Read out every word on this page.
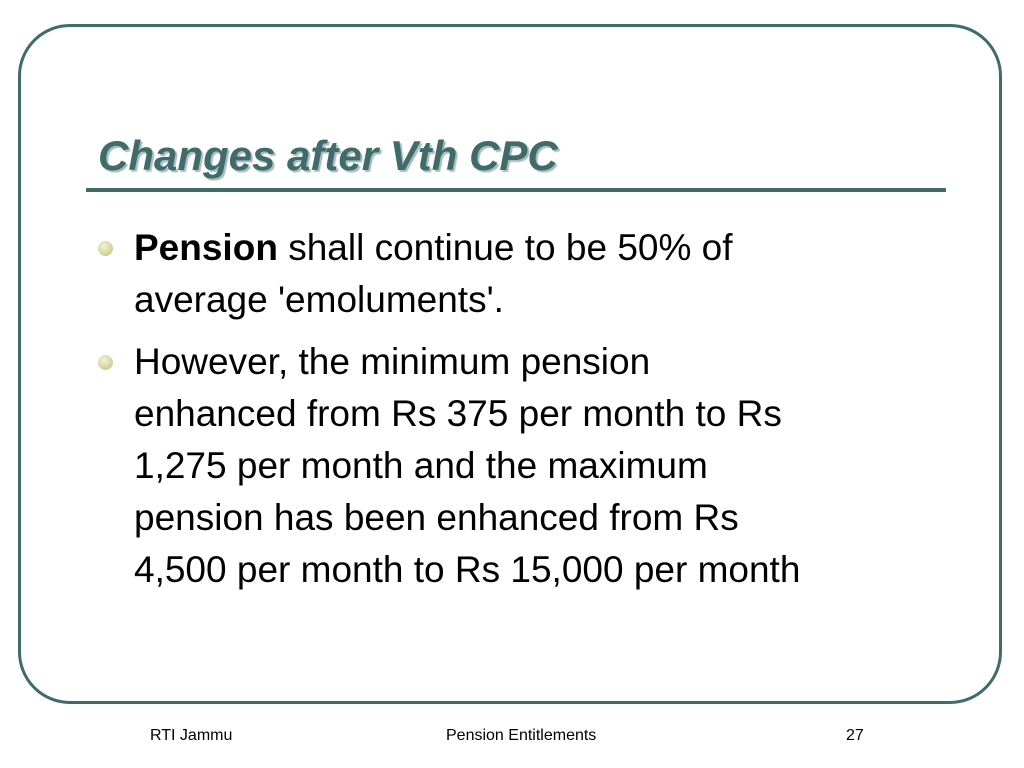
Changes after Vth CPC
Pension shall continue to be 50% of
average 'emoluments'.
However, the minimum pension
enhanced from Rs 375 per month to Rs
1,275 per month and the maximum
pension has been enhanced from Rs
4,500 per month to Rs 15,000 per month
RTI Jammu	Pension Entitlements	27
